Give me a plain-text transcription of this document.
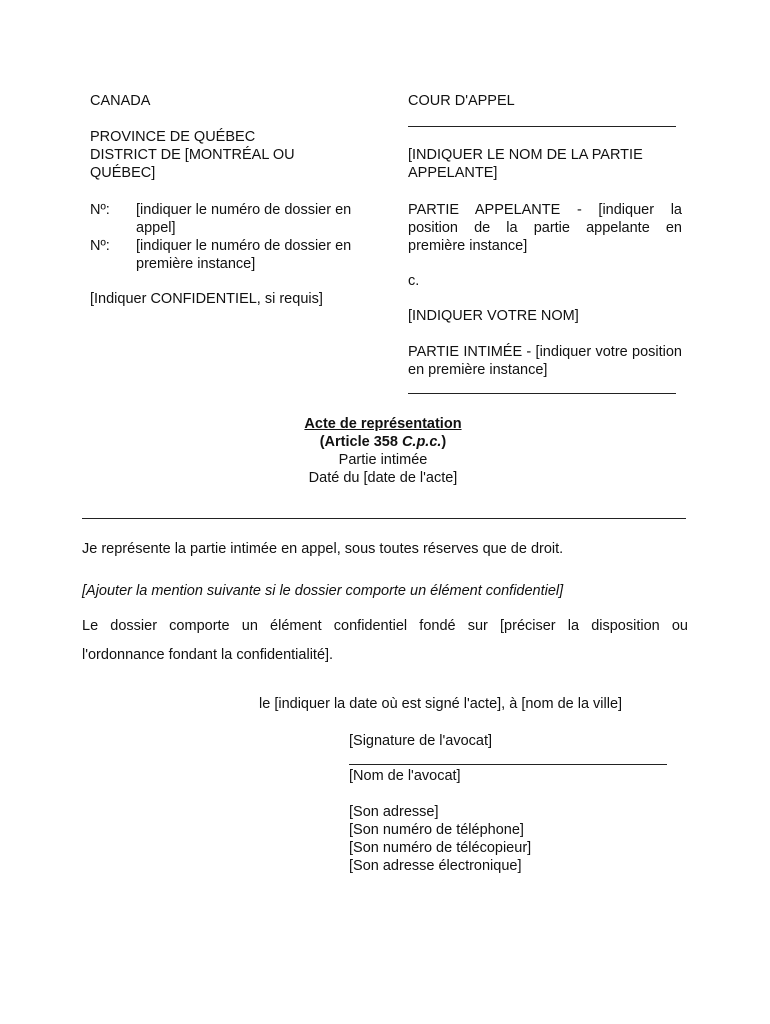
CANADA
PROVINCE DE QUÉBEC
DISTRICT DE [MONTRÉAL OU QUÉBEC]
Nº:	[indiquer le numéro de dossier en appel]
Nº:	[indiquer le numéro de dossier en première instance]
[Indiquer CONFIDENTIEL, si requis]
COUR D'APPEL
[INDIQUER LE NOM DE LA PARTIE APPELANTE]
PARTIE APPELANTE - [indiquer la position de la partie appelante en première instance]
c.
[INDIQUER VOTRE NOM]
PARTIE INTIMÉE - [indiquer votre position en première instance]
Acte de représentation
(Article 358 C.p.c.)
Partie intimée
Daté du [date de l'acte]
Je représente la partie intimée en appel, sous toutes réserves que de droit.
[Ajouter la mention suivante si le dossier comporte un élément confidentiel]
Le dossier comporte un élément confidentiel fondé sur [préciser la disposition ou
l'ordonnance fondant la confidentialité].
le [indiquer la date où est signé l'acte], à [nom de la ville]
[Signature de l'avocat]
[Nom de l'avocat]
[Son adresse]
[Son numéro de téléphone]
[Son numéro de télécopieur]
[Son adresse électronique]
